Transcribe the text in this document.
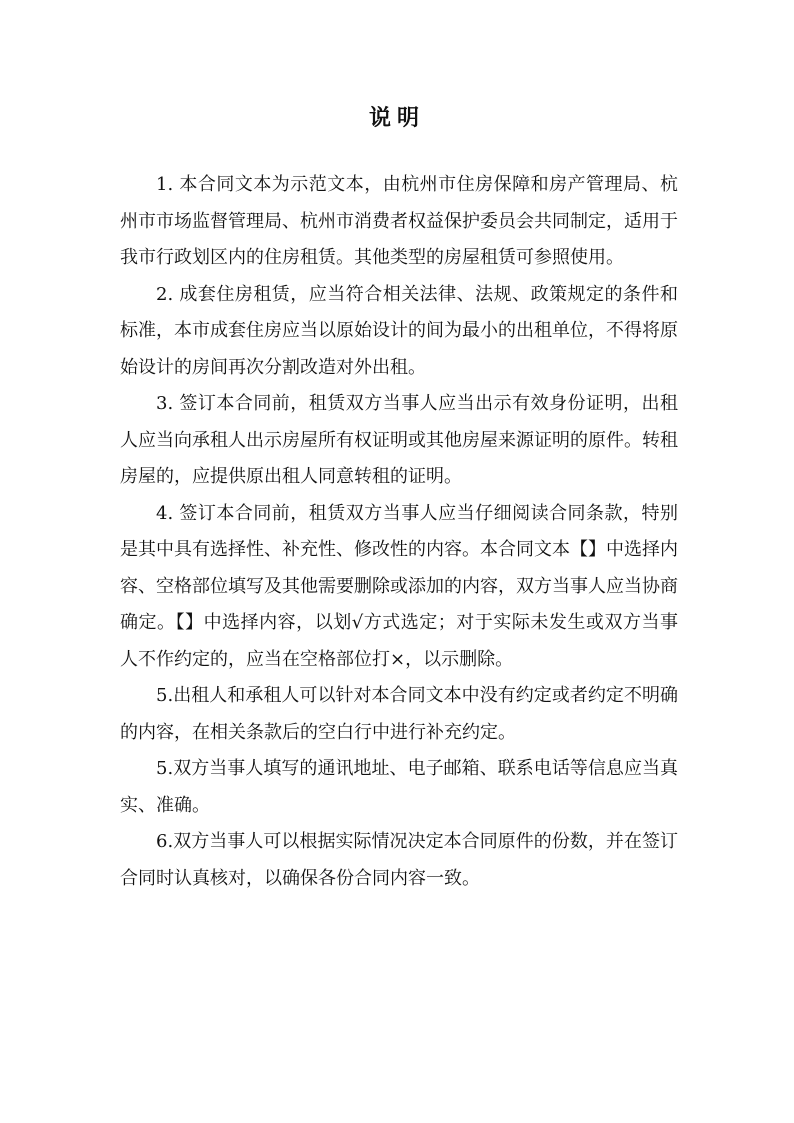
说明

1. 本合同文本为示范文本，由杭州市住房保障和房产管理局、杭州市市场监督管理局、杭州市消费者权益保护委员会共同制定，适用于我市行政划区内的住房租赁。其他类型的房屋租赁可参照使用。

2. 成套住房租赁，应当符合相关法律、法规、政策规定的条件和标准，本市成套住房应当以原始设计的间为最小的出租单位，不得将原始设计的房间再次分割改造对外出租。

3. 签订本合同前，租赁双方当事人应当出示有效身份证明，出租人应当向承租人出示房屋所有权证明或其他房屋来源证明的原件。转租房屋的，应提供原出租人同意转租的证明。

4. 签订本合同前，租赁双方当事人应当仔细阅读合同条款，特别是其中具有选择性、补充性、修改性的内容。本合同文本【】中选择内容、空格部位填写及其他需要删除或添加的内容，双方当事人应当协商确定。【】中选择内容，以划√方式选定；对于实际未发生或双方当事人不作约定的，应当在空格部位打×，以示删除。

5.出租人和承租人可以针对本合同文本中没有约定或者约定不明确的内容，在相关条款后的空白行中进行补充约定。

5.双方当事人填写的通讯地址、电子邮箱、联系电话等信息应当真实、准确。

6.双方当事人可以根据实际情况决定本合同原件的份数，并在签订合同时认真核对，以确保各份合同内容一致。
